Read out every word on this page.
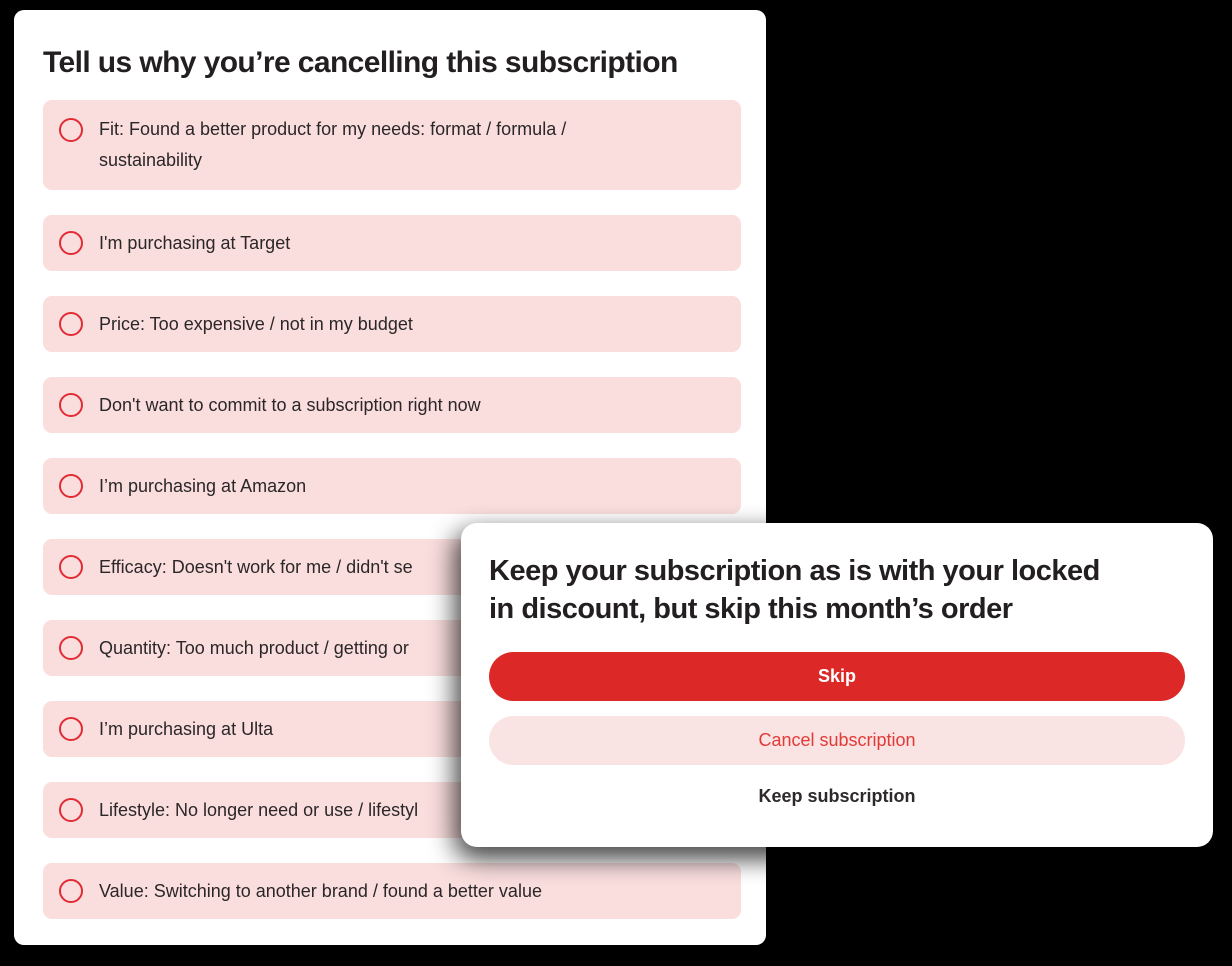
Tell us why you’re cancelling this subscription
Fit: Found a better product for my needs: format / formula /
sustainability
I'm purchasing at Target
Price: Too expensive / not in my budget
Don't want to commit to a subscription right now
I’m purchasing at Amazon
Efficacy: Doesn't work for me / didn't se
Quantity: Too much product / getting or
I’m purchasing at Ulta
Lifestyle: No longer need or use / lifestyl
Value: Switching to another brand / found a better value
Keep your subscription as is with your locked
in discount, but skip this month’s order
Skip
Cancel subscription
Keep subscription
